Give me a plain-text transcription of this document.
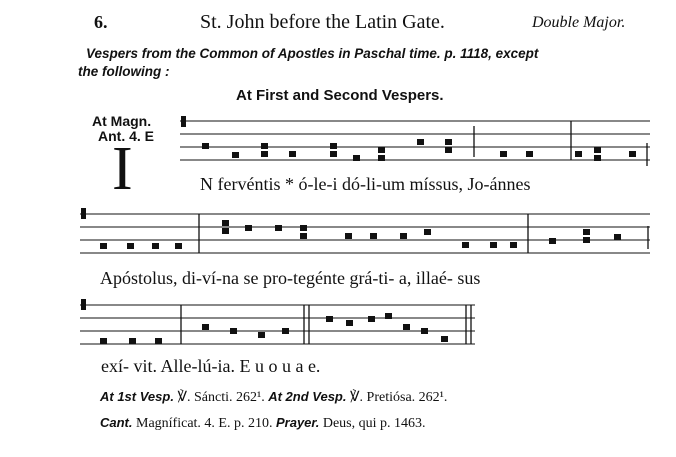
6.	St. John before the Latin Gate.	Double Major.
Vespers from the Common of Apostles in Paschal time. p. 1118, except
the following :
At First and Second Vespers.
At Magn.
Ant. 4. E
I	N fervéntis * ó-le-i dó-li-um míssus, Jo-ánnes
Apóstolus, di-ví-na se pro-tegénte grá-ti- a, illaé- sus
exí- vit. Alle-lú-ia. E u o u a e.
At 1st Vesp. ℣. Sáncti. 262¹. At 2nd Vesp. ℣. Pretiósa. 262¹.
Cant. Magníficat. 4. E. p. 210. Prayer. Deus, qui p. 1463.
